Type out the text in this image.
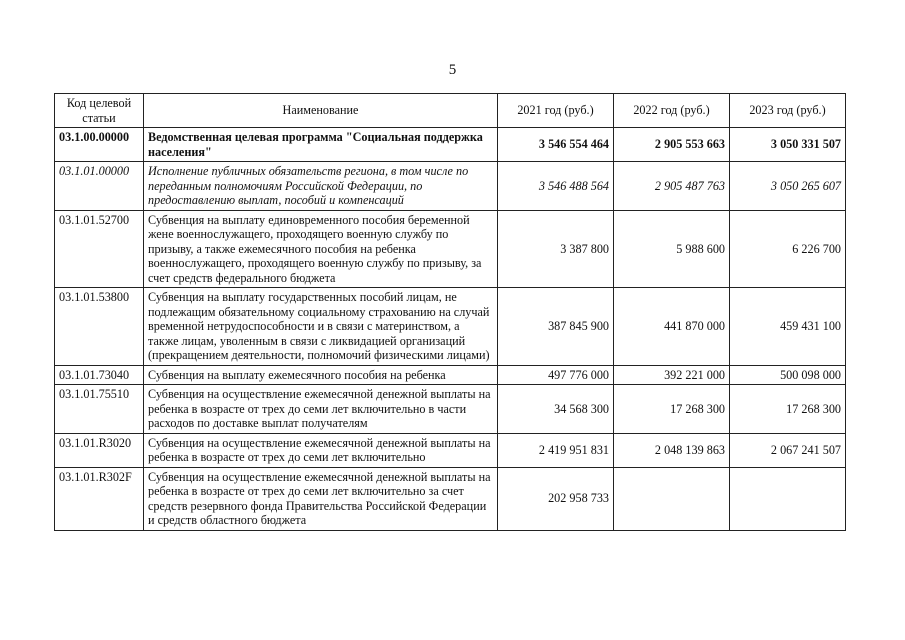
5
Код целевой статьи	Наименование	2021 год (руб.)	2022 год (руб.)	2023 год (руб.)
03.1.00.00000	Ведомственная целевая программа "Социальная поддержка населения"	3 546 554 464	2 905 553 663	3 050 331 507
03.1.01.00000	Исполнение публичных обязательств региона, в том числе по переданным полномочиям Российской Федерации, по предоставлению выплат, пособий и компенсаций	3 546 488 564	2 905 487 763	3 050 265 607
03.1.01.52700	Субвенция на выплату единовременного пособия беременной жене военнослужащего, проходящего военную службу по призыву, а также ежемесячного пособия на ребенка военнослужащего, проходящего военную службу по призыву, за счет средств федерального бюджета	3 387 800	5 988 600	6 226 700
03.1.01.53800	Субвенция на выплату государственных пособий лицам, не подлежащим обязательному социальному страхованию на случай временной нетрудоспособности и в связи с материнством, а также лицам, уволенным в связи с ликвидацией организаций (прекращением деятельности, полномочий физическими лицами)	387 845 900	441 870 000	459 431 100
03.1.01.73040	Субвенция на выплату ежемесячного пособия на ребенка	497 776 000	392 221 000	500 098 000
03.1.01.75510	Субвенция на осуществление ежемесячной денежной выплаты на ребенка в возрасте от трех до семи лет включительно в части расходов по доставке выплат получателям	34 568 300	17 268 300	17 268 300
03.1.01.R3020	Субвенция на осуществление ежемесячной денежной выплаты на ребенка в возрасте от трех до семи лет включительно	2 419 951 831	2 048 139 863	2 067 241 507
03.1.01.R302F	Субвенция на осуществление ежемесячной денежной выплаты на ребенка в возрасте от трех до семи лет включительно за счет средств резервного фонда Правительства Российской Федерации и средств областного бюджета	202 958 733		
